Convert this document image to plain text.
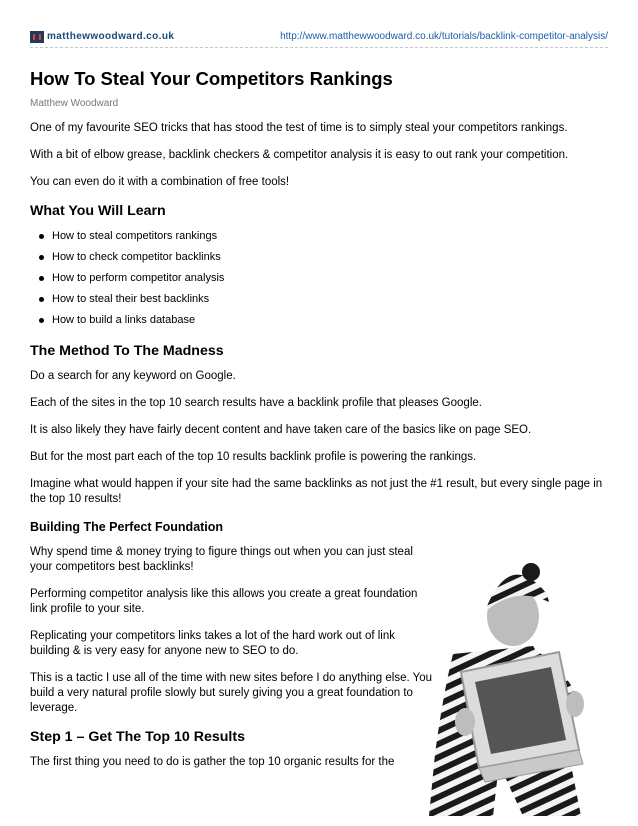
matthewwoodward.co.uk	http://www.matthewwoodward.co.uk/tutorials/backlink-competitor-analysis/
How To Steal Your Competitors Rankings
Matthew Woodward

One of my favourite SEO tricks that has stood the test of time is to simply steal your competitors rankings.

With a bit of elbow grease, backlink checkers & competitor analysis it is easy to out rank your competition.

You can even do it with a combination of free tools!

What You Will Learn
How to steal competitors rankings
How to check competitor backlinks
How to perform competitor analysis
How to steal their best backlinks
How to build a links database
The Method To The Madness

Do a search for any keyword on Google.

Each of the sites in the top 10 search results have a backlink profile that pleases Google.

It is also likely they have fairly decent content and have taken care of the basics like on page SEO.

But for the most part each of the top 10 results backlink profile is powering the rankings.

Imagine what would happen if your site had the same backlinks as not just the #1 result, but every single page in the top 10 results!

Building The Perfect Foundation

Why spend time & money trying to figure things out when you can just steal your competitors best backlinks!

Performing competitor analysis like this allows you create a great foundation link profile to your site.

Replicating your competitors links takes a lot of the hard work out of link building & is very easy for anyone new to SEO to do.

This is a tactic I use all of the time with new sites before I do anything else. You build a very natural profile slowly but surely giving you a great foundation to leverage.

Step 1 – Get The Top 10 Results

The first thing you need to do is gather the top 10 organic results for the
